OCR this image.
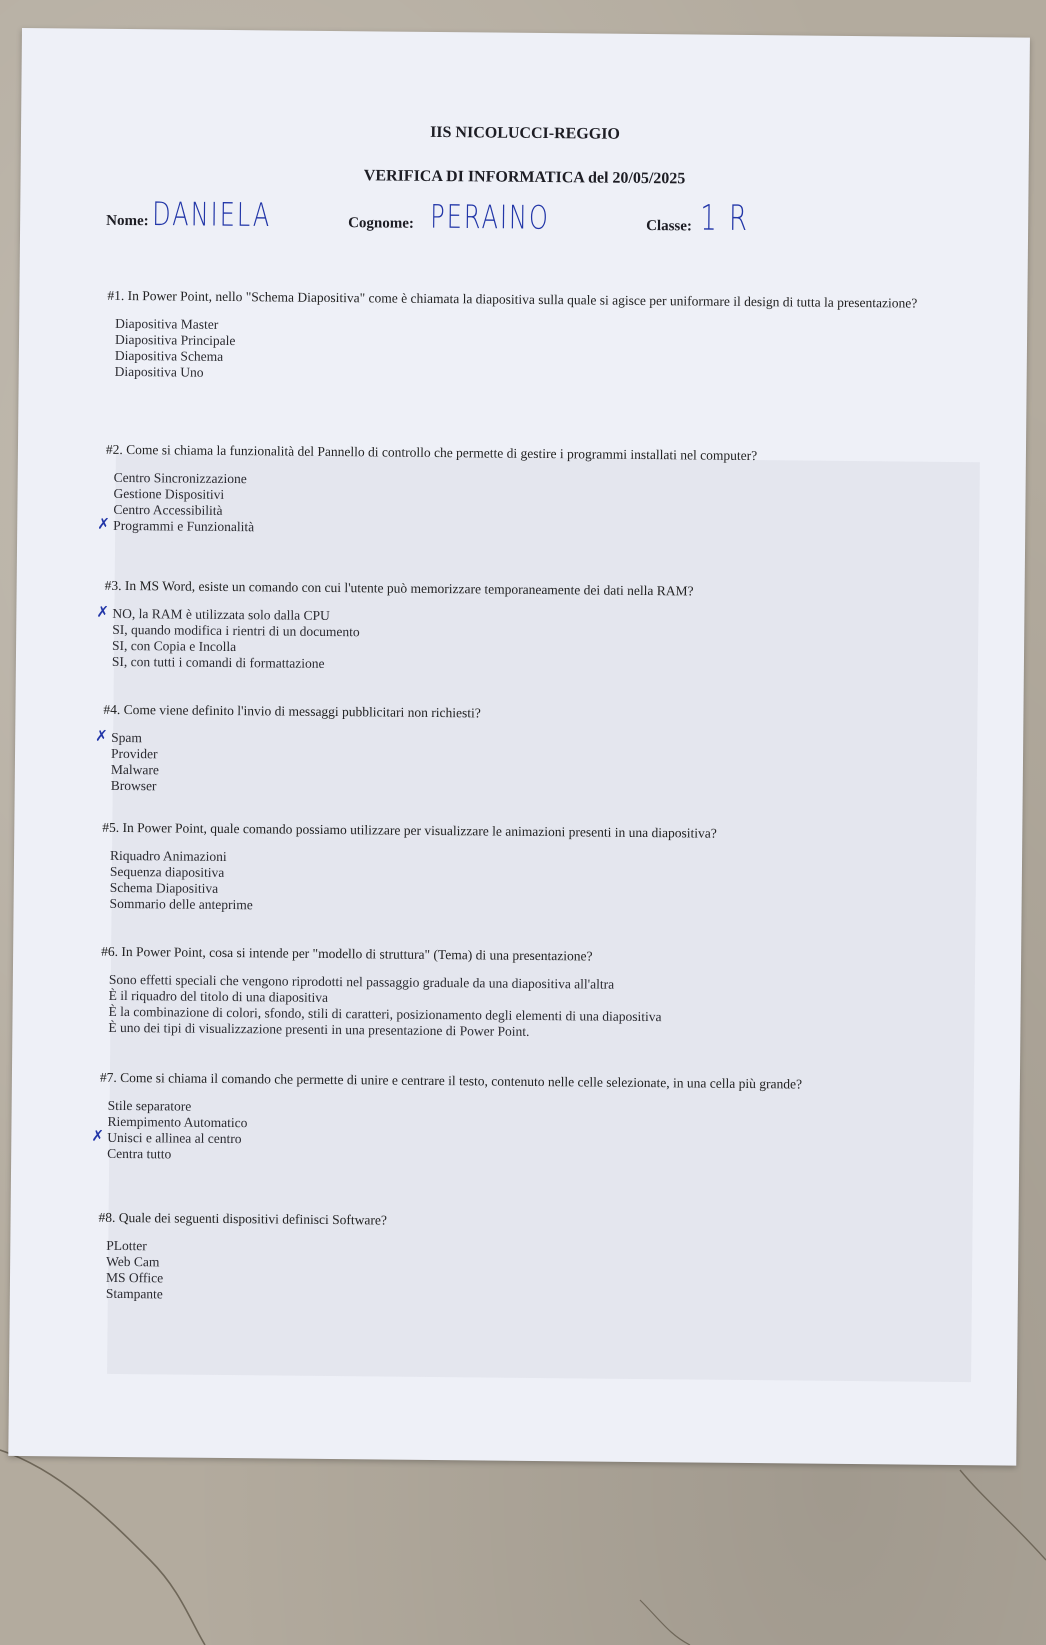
IIS NICOLUCCI-REGGIO
VERIFICA DI INFORMATICA del 20/05/2025
Nome: DANIELA	Cognome: PERAINO	Classe: 1 R
#1. In Power Point, nello "Schema Diapositiva" come è chiamata la diapositiva sulla quale si agisce per uniformare il design di tutta la presentazione?
Diapositiva Master
Diapositiva Principale
Diapositiva Schema
Diapositiva Uno
#2. Come si chiama la funzionalità del Pannello di controllo che permette di gestire i programmi installati nel computer?
Centro Sincronizzazione
Gestione Dispositivi
Centro Accessibilità
✗ Programmi e Funzionalità
#3. In MS Word, esiste un comando con cui l'utente può memorizzare temporaneamente dei dati nella RAM?
✗ NO, la RAM è utilizzata solo dalla CPU
SI, quando modifica i rientri di un documento
SI, con Copia e Incolla
SI, con tutti i comandi di formattazione
#4. Come viene definito l'invio di messaggi pubblicitari non richiesti?
✗ Spam
Provider
Malware
Browser
#5. In Power Point, quale comando possiamo utilizzare per visualizzare le animazioni presenti in una diapositiva?
Riquadro Animazioni
Sequenza diapositiva
Schema Diapositiva
Sommario delle anteprime
#6. In Power Point, cosa si intende per "modello di struttura" (Tema) di una presentazione?
Sono effetti speciali che vengono riprodotti nel passaggio graduale da una diapositiva all'altra
È il riquadro del titolo di una diapositiva
È la combinazione di colori, sfondo, stili di caratteri, posizionamento degli elementi di una diapositiva
È uno dei tipi di visualizzazione presenti in una presentazione di Power Point.
#7. Come si chiama il comando che permette di unire e centrare il testo, contenuto nelle celle selezionate, in una cella più grande?
Stile separatore
Riempimento Automatico
✗ Unisci e allinea al centro
Centra tutto
#8. Quale dei seguenti dispositivi definisci Software?
PLotter
Web Cam
MS Office
Stampante
